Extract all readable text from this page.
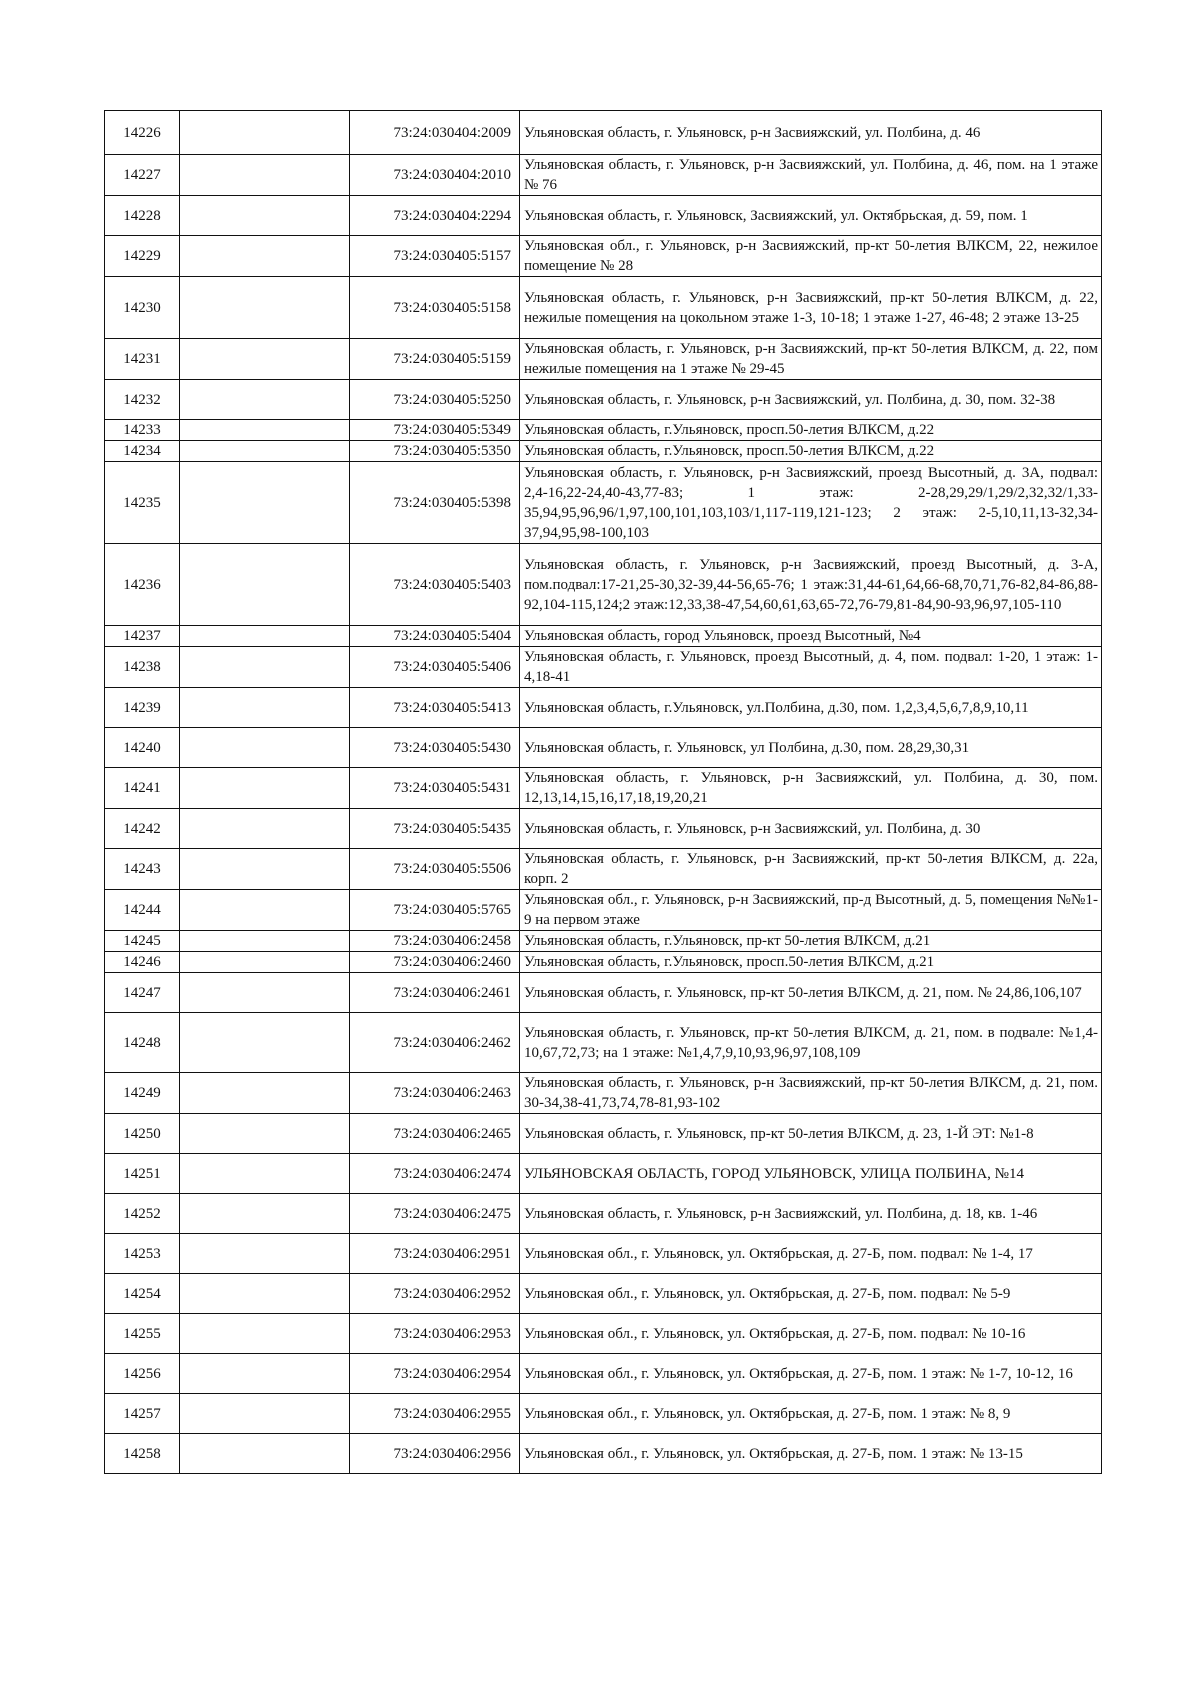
14226		73:24:030404:2009	Ульяновская область, г. Ульяновск, р-н Засвияжский, ул. Полбина, д. 46
14227		73:24:030404:2010	Ульяновская область, г. Ульяновск, р-н Засвияжский, ул. Полбина, д. 46, пом. на 1 этаже № 76
14228		73:24:030404:2294	Ульяновская область, г. Ульяновск, Засвияжский, ул. Октябрьская, д. 59, пом. 1
14229		73:24:030405:5157	Ульяновская обл., г. Ульяновск, р-н Засвияжский, пр-кт 50-летия ВЛКСМ, 22, нежилое помещение № 28
14230		73:24:030405:5158	Ульяновская область, г. Ульяновск, р-н Засвияжский, пр-кт 50-летия ВЛКСМ, д. 22, нежилые помещения на цокольном этаже 1-3, 10-18; 1 этаже 1-27, 46-48; 2 этаже 13-25
14231		73:24:030405:5159	Ульяновская область, г. Ульяновск, р-н Засвияжский, пр-кт 50-летия ВЛКСМ, д. 22, пом нежилые помещения на 1 этаже № 29-45
14232		73:24:030405:5250	Ульяновская область, г. Ульяновск, р-н Засвияжский, ул. Полбина, д. 30, пом. 32-38
14233		73:24:030405:5349	Ульяновская область, г.Ульяновск, просп.50-летия ВЛКСМ, д.22
14234		73:24:030405:5350	Ульяновская область, г.Ульяновск, просп.50-летия ВЛКСМ, д.22
14235		73:24:030405:5398	Ульяновская область, г. Ульяновск, р-н Засвияжский, проезд Высотный, д. 3А, подвал: 2,4-16,22-24,40-43,77-83; 1 этаж: 2-28,29,29/1,29/2,32,32/1,33-35,94,95,96,96/1,97,100,101,103,103/1,117-119,121-123; 2 этаж: 2-5,10,11,13-32,34-37,94,95,98-100,103
14236		73:24:030405:5403	Ульяновская область, г. Ульяновск, р-н Засвияжский, проезд Высотный, д. 3-А, пом.подвал:17-21,25-30,32-39,44-56,65-76; 1 этаж:31,44-61,64,66-68,70,71,76-82,84-86,88-92,104-115,124;2 этаж:12,33,38-47,54,60,61,63,65-72,76-79,81-84,90-93,96,97,105-110
14237		73:24:030405:5404	Ульяновская область, город Ульяновск, проезд Высотный, №4
14238		73:24:030405:5406	Ульяновская область, г. Ульяновск, проезд Высотный, д. 4, пом. подвал: 1-20, 1 этаж: 1-4,18-41
14239		73:24:030405:5413	Ульяновская область, г.Ульяновск, ул.Полбина, д.30, пом. 1,2,3,4,5,6,7,8,9,10,11
14240		73:24:030405:5430	Ульяновская область, г. Ульяновск, ул Полбина, д.30, пом. 28,29,30,31
14241		73:24:030405:5431	Ульяновская область, г. Ульяновск, р-н Засвияжский, ул. Полбина, д. 30, пом. 12,13,14,15,16,17,18,19,20,21
14242		73:24:030405:5435	Ульяновская область, г. Ульяновск, р-н Засвияжский, ул. Полбина, д. 30
14243		73:24:030405:5506	Ульяновская область, г. Ульяновск, р-н Засвияжский, пр-кт 50-летия ВЛКСМ, д. 22а, корп. 2
14244		73:24:030405:5765	Ульяновская обл., г. Ульяновск, р-н Засвияжский, пр-д Высотный, д. 5, помещения №№1-9 на первом этаже
14245		73:24:030406:2458	Ульяновская область, г.Ульяновск, пр-кт 50-летия ВЛКСМ, д.21
14246		73:24:030406:2460	Ульяновская область, г.Ульяновск, просп.50-летия ВЛКСМ, д.21
14247		73:24:030406:2461	Ульяновская область, г. Ульяновск, пр-кт 50-летия ВЛКСМ, д. 21, пом. № 24,86,106,107
14248		73:24:030406:2462	Ульяновская область, г. Ульяновск, пр-кт 50-летия ВЛКСМ, д. 21, пом. в подвале: №1,4-10,67,72,73; на 1 этаже: №1,4,7,9,10,93,96,97,108,109
14249		73:24:030406:2463	Ульяновская область, г. Ульяновск, р-н Засвияжский, пр-кт 50-летия ВЛКСМ, д. 21, пом. 30-34,38-41,73,74,78-81,93-102
14250		73:24:030406:2465	Ульяновская область, г. Ульяновск, пр-кт 50-летия ВЛКСМ, д. 23, 1-Й ЭТ: №1-8
14251		73:24:030406:2474	УЛЬЯНОВСКАЯ ОБЛАСТЬ, ГОРОД УЛЬЯНОВСК, УЛИЦА ПОЛБИНА, №14
14252		73:24:030406:2475	Ульяновская область, г. Ульяновск, р-н Засвияжский, ул. Полбина, д. 18, кв. 1-46
14253		73:24:030406:2951	Ульяновская обл., г. Ульяновск, ул. Октябрьская, д. 27-Б, пом. подвал: № 1-4, 17
14254		73:24:030406:2952	Ульяновская обл., г. Ульяновск, ул. Октябрьская, д. 27-Б, пом. подвал: № 5-9
14255		73:24:030406:2953	Ульяновская обл., г. Ульяновск, ул. Октябрьская, д. 27-Б, пом. подвал: № 10-16
14256		73:24:030406:2954	Ульяновская обл., г. Ульяновск, ул. Октябрьская, д. 27-Б, пом. 1 этаж: № 1-7, 10-12, 16
14257		73:24:030406:2955	Ульяновская обл., г. Ульяновск, ул. Октябрьская, д. 27-Б, пом. 1 этаж: № 8, 9
14258		73:24:030406:2956	Ульяновская обл., г. Ульяновск, ул. Октябрьская, д. 27-Б, пом. 1 этаж: № 13-15
